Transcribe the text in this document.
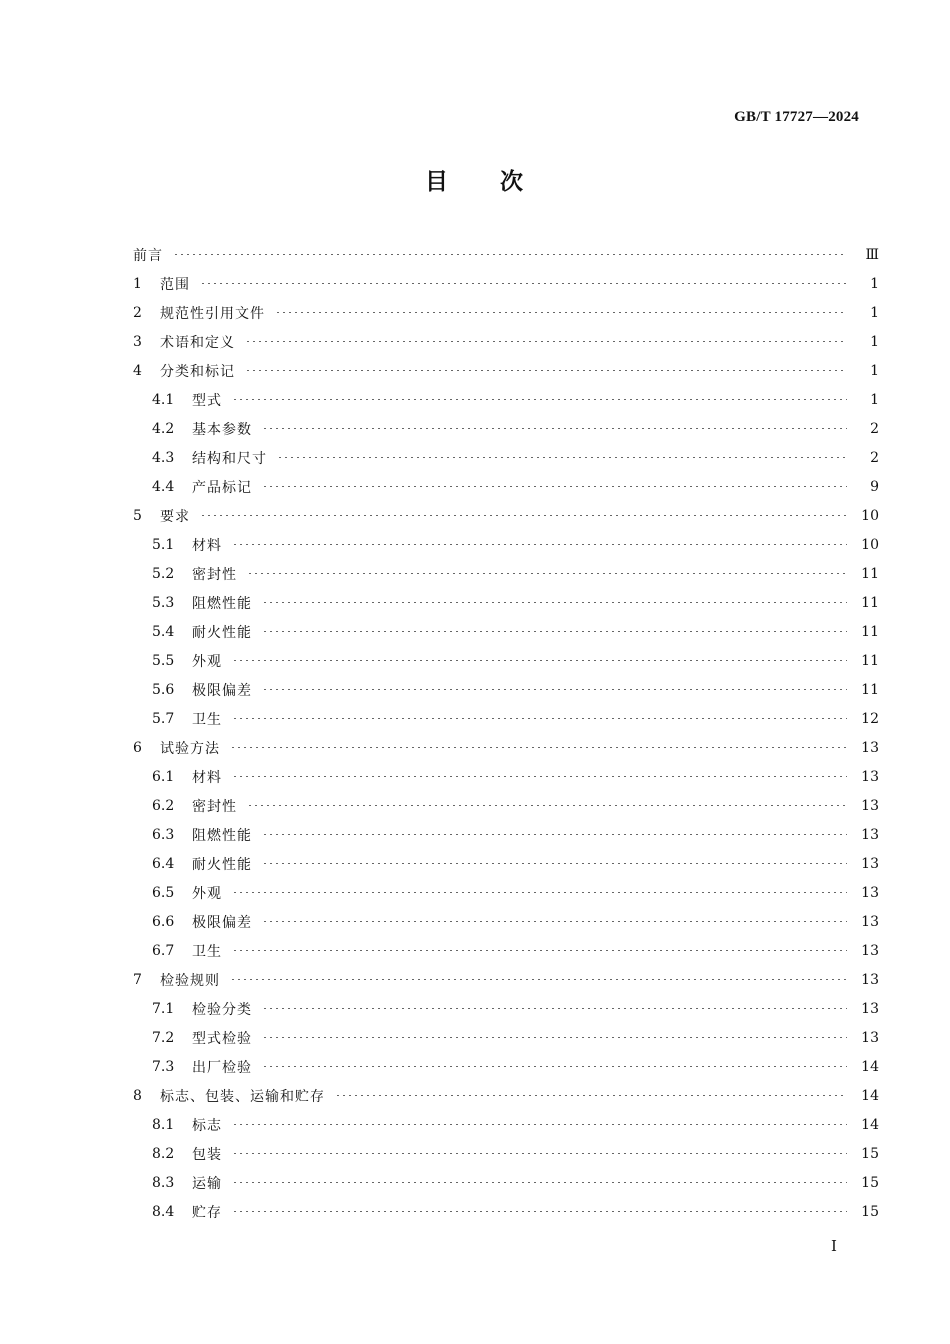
GB/T 17727—2024
目 次
前言	Ⅲ
1	范围	1
2	规范性引用文件	1
3	术语和定义	1
4	分类和标记	1
4.1	型式	1
4.2	基本参数	2
4.3	结构和尺寸	2
4.4	产品标记	9
5	要求	10
5.1	材料	10
5.2	密封性	11
5.3	阻燃性能	11
5.4	耐火性能	11
5.5	外观	11
5.6	极限偏差	11
5.7	卫生	12
6	试验方法	13
6.1	材料	13
6.2	密封性	13
6.3	阻燃性能	13
6.4	耐火性能	13
6.5	外观	13
6.6	极限偏差	13
6.7	卫生	13
7	检验规则	13
7.1	检验分类	13
7.2	型式检验	13
7.3	出厂检验	14
8	标志、包装、运输和贮存	14
8.1	标志	14
8.2	包装	15
8.3	运输	15
8.4	贮存	15
I
